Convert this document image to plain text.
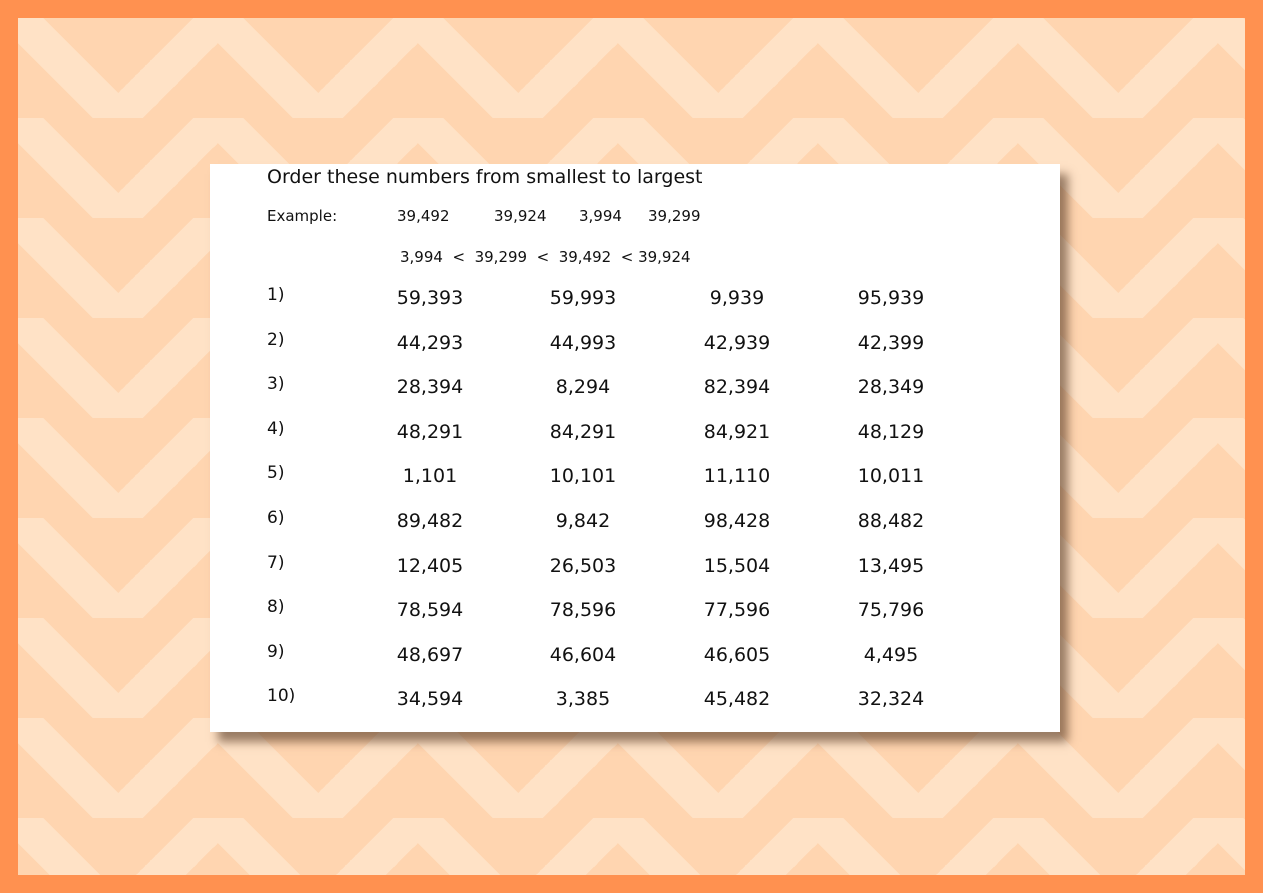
Order these numbers from smallest to largest
Example:	39,492	39,924 3,994 39,299
3,994  <  39,299  <  39,492  < 39,924
1)	59,393	59,993	9,939	95,939
2)	44,293	44,993	42,939	42,399
3)	28,394	8,294	82,394	28,349
4)	48,291	84,291	84,921	48,129
5)	1,101	10,101	11,110	10,011
6)	89,482	9,842	98,428	88,482
7)	12,405	26,503	15,504	13,495
8)	78,594	78,596	77,596	75,796
9)	48,697	46,604	46,605	4,495
10)	34,594	3,385	45,482	32,324
